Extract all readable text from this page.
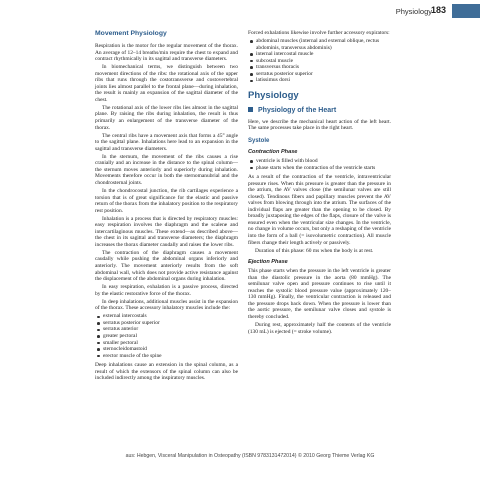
Physiology
183
Movement Physiology

Respiration is the motor for the regular movement of the thorax. An average of 12–14 breaths/min require the chest to expand and contract rhythmically in its sagittal and transverse diameters.

In biomechanical terms, we distinguish between two movement directions of the ribs: the rotational axis of the upper ribs that runs through the costotransverse and costovertebral joints lies almost parallel to the frontal plane—during inhalation, the result is mainly an expansion of the sagittal diameter of the chest.

The rotational axis of the lower ribs lies almost in the sagittal plane. By raising the ribs during inhalation, the result is thus primarily an enlargement of the transverse diameter of the thorax.

The central ribs have a movement axis that forms a 45° angle to the sagittal plane. Inhalations here lead to an expansion in the sagittal and transverse diameters.

In the sternum, the movement of the ribs causes a rise cranially and an increase in the distance to the spinal column—the sternum moves anteriorly and superiorly during inhalation. Movements therefore occur in both the sternomanubrial and the chondrosternal joints.

In the chondrocostal junction, the rib cartilages experience a torsion that is of great significance for the elastic and passive return of the thorax from the inhalatory position to the respiratory rest position.

Inhalation is a process that is directed by respiratory muscles: easy respiration involves the diaphragm and the scalene and intercartilaginous muscles. These extend—as described above—the chest in its sagittal and transverse diameters; the diaphragm increases the thorax diameter caudally and raises the lower ribs.

The contraction of the diaphragm causes a movement caudally while pushing the abdominal organs inferiorly and anteriorly. The movement anteriorly results from the soft abdominal wall, which does not provide active resistance against the displacement of the abdominal organs during inhalation.

In easy respiration, exhalation is a passive process, directed by the elastic restorative force of the thorax.

In deep inhalations, additional muscles assist in the expansion of the thorax. These accessory inhalatory muscles include the:

external intercostals
serratus posterior superior
serratus anterior
greater pectoral
smaller pectoral
sternocleidomastoid
erector muscle of the spine

Deep inhalations cause an extension in the spinal column, as a result of which the extensors of the spinal column can also be included indirectly among the inspiratory muscles.

Forced exhalations likewise involve further accessory expirators:

abdominal muscles (internal and external oblique, rectus abdominis, transversus abdominis)
internal intercostal muscle
subcostal muscle
transversus thoracis
serratus posterior superior
latissimus dorsi
Physiology
Physiology of the Heart

Here, we describe the mechanical heart action of the left heart. The same processes take place in the right heart.

Systole
Contraction Phase
ventricle is filled with blood
phase starts when the contraction of the ventricle starts

As a result of the contraction of the ventricle, intraventricular pressure rises. When this pressure is greater than the pressure in the atrium, the AV valves close (the semilunar valves are still closed). Tendinous fibers and papillary muscles prevent the AV valves from blowing through into the atrium. The surfaces of the individual flaps are greater than the opening to be closed. By broadly juxtaposing the edges of the flaps, closure of the valve is ensured even when the ventricular size changes. In the ventricle, no change in volume occurs, but only a reshaping of the ventricle into the form of a ball (= isovolumetric contraction). All muscle fibers change their length actively or passively.

Duration of this phase: 60 ms when the body is at rest.

Ejection Phase

This phase starts when the pressure in the left ventricle is greater than the diastolic pressure in the aorta (80 mmHg). The semilunar valve open and pressure continues to rise until it reaches the systolic blood pressure value (approximately 120–130 mmHg). Finally, the ventricular contraction is released and the pressure drops back down. When the pressure is lower than the aortic pressure, the semilunar valve closes and systole is thereby concluded.

During rest, approximately half the contents of the ventricle (130 mL) is ejected (= stroke volume).

aus: Hebgen, Visceral Manipulation in Osteopathy (ISBN 9783131472014) © 2010 Georg Thieme Verlag KG
